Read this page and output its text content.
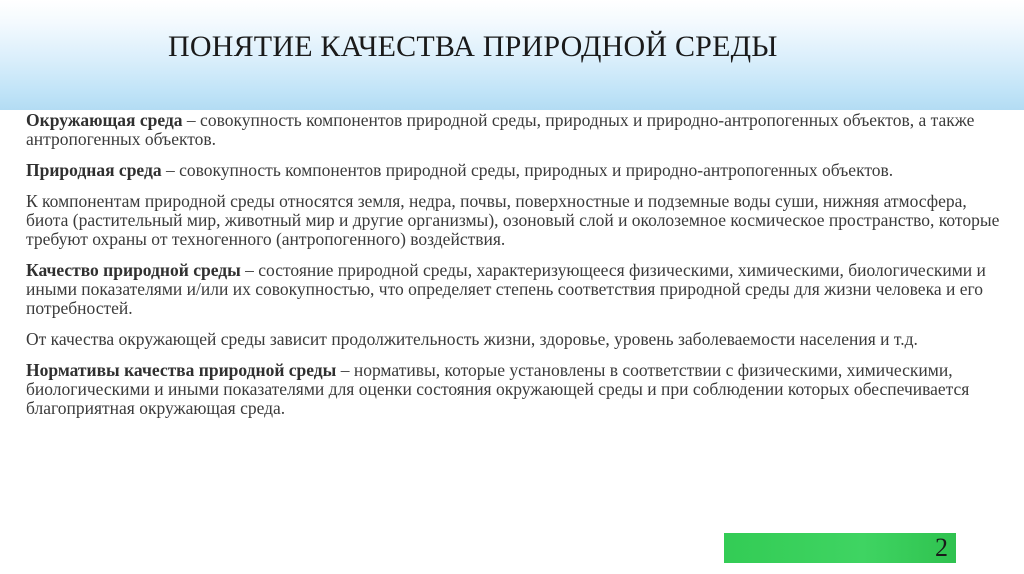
ПОНЯТИЕ КАЧЕСТВА ПРИРОДНОЙ СРЕДЫ

Окружающая среда – совокупность компонентов природной среды, природных и природно-антропогенных объектов, а также антропогенных объектов.

Природная среда – совокупность компонентов природной среды, природных и природно-антропогенных объектов.

К компонентам природной среды относятся земля, недра, почвы, поверхностные и подземные воды суши, нижняя атмосфера, биота (растительный мир, животный мир и другие организмы), озоновый слой и околоземное космическое пространство, которые требуют охраны от техногенного (антропогенного) воздействия.

Качество природной среды – состояние природной среды, характеризующееся физическими, химическими, биологическими и иными показателями и/или их совокупностью, что определяет степень соответствия природной среды для жизни человека и его потребностей.

От качества окружающей среды зависит продолжительность жизни, здоровье, уровень заболеваемости населения и т.д.

Нормативы качества природной среды – нормативы, которые установлены в соответствии с физическими, химическими, биологическими и иными показателями для оценки состояния окружающей среды и при соблюдении которых обеспечивается благоприятная окружающая среда.

2
